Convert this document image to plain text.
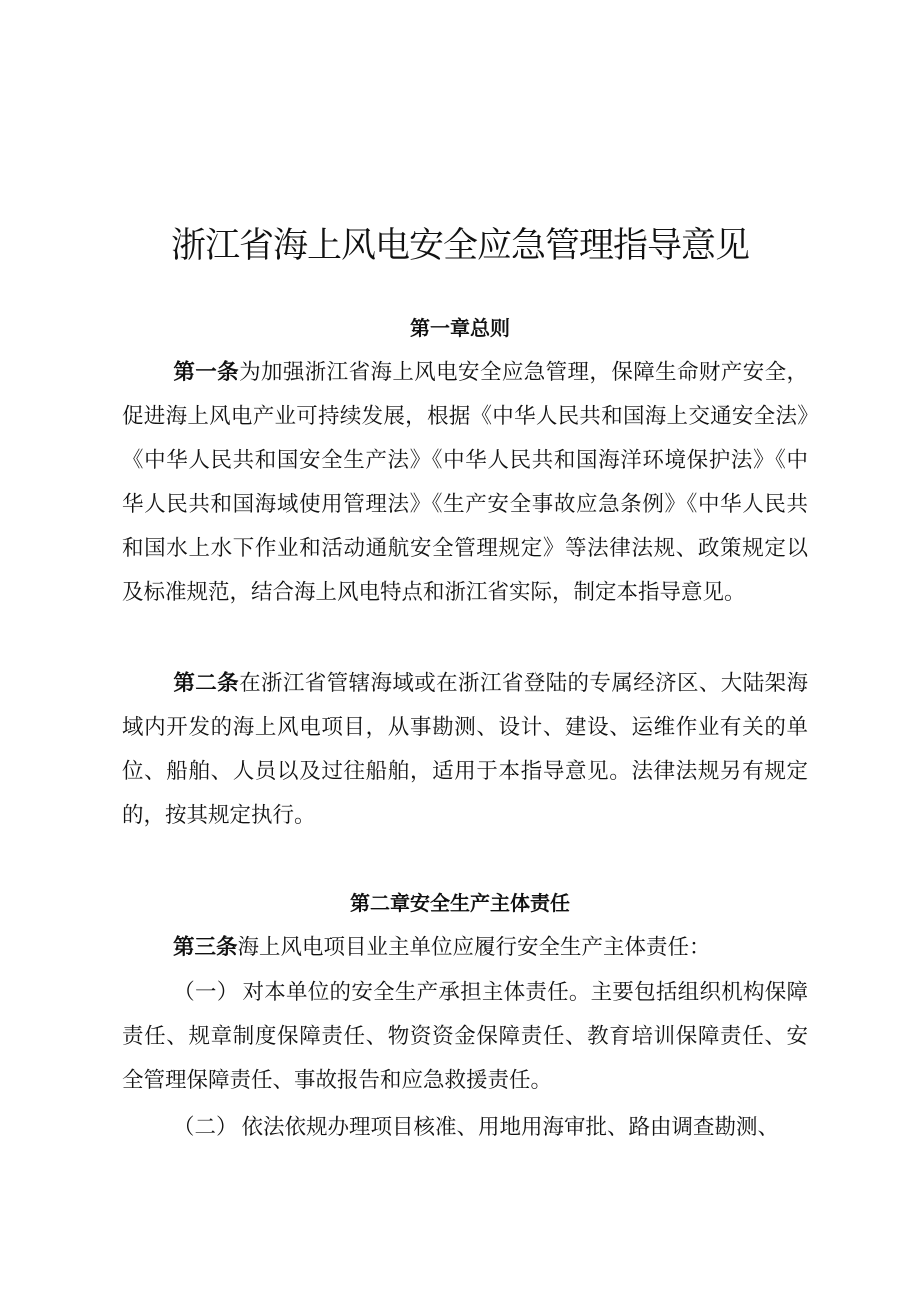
浙江省海上风电安全应急管理指导意见
第一章总则

第一条为加强浙江省海上风电安全应急管理，保障生命财产安全，促进海上风电产业可持续发展，根据《中华人民共和国海上交通安全法》《中华人民共和国安全生产法》《中华人民共和国海洋环境保护法》《中华人民共和国海域使用管理法》《生产安全事故应急条例》《中华人民共和国水上水下作业和活动通航安全管理规定》等法律法规、政策规定以及标准规范，结合海上风电特点和浙江省实际，制定本指导意见。

第二条在浙江省管辖海域或在浙江省登陆的专属经济区、大陆架海域内开发的海上风电项目，从事勘测、设计、建设、运维作业有关的单位、船舶、人员以及过往船舶，适用于本指导意见。法律法规另有规定的，按其规定执行。

第二章安全生产主体责任

第三条海上风电项目业主单位应履行安全生产主体责任：

（一） 对本单位的安全生产承担主体责任。主要包括组织机构保障责任、规章制度保障责任、物资资金保障责任、教育培训保障责任、安全管理保障责任、事故报告和应急救援责任。

（二） 依法依规办理项目核准、用地用海审批、路由调查勘测、
